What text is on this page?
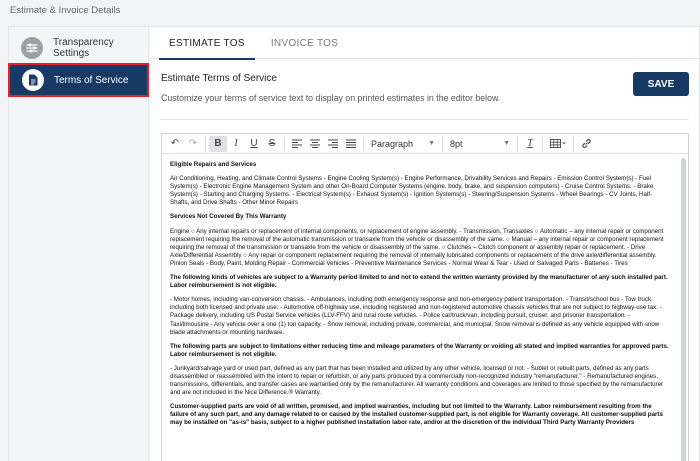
Estimate & Invoice Details
Transparency Settings
Terms of Service
ESTIMATE TOS	INVOICE TOS
Estimate Terms of Service
Customize your terms of service text to display on printed estimates in the editor below.
SAVE
↶ ↷	B	I	U	S	Paragraph ▼ 8pt	▼	T

Eligible Repairs and Services

Air Conditioning, Heating, and Climate Control Systems - Engine Cooling System(s) - Engine Performance, Drivability Services and Repairs - Emission Control System(s) - Fuel System(s) - Electronic Engine Management System and other On-Board Computer Systems (engine, body, brake, and suspension computers) - Cruise Control Systems. - Brake System(s) - Starting and Charging Systems. - Electrical System(s) - Exhaust System(s) - Ignition Systems(s) - Steering/Suspension Systems - Wheel Bearings - CV Joints, Half-Shafts, and Drive Shafts - Other Minor Repairs

Services Not Covered By This Warranty

Engine ○ Any internal repairs or replacement of internal components, or replacement of engine assembly. - Transmission, Transaxles ○ Automatic – any internal repair or component replacement requiring the removal of the automatic transmission or transaxle from the vehicle or disassembly of the same. ○ Manual – any internal repair or component replacement requiring the removal of the transmission or transaxle from the vehicle or disassembly of the same. ○ Clutches – Clutch component or assembly repair or replacement. - Drive Axle/Differential Assembly ○ Any repair or component replacement requiring the removal of internally lubricated components or replacement of the drive axle/differential assembly. Pinion Seals - Body, Paint, Molding Repair - Commercial Vehicles - Preventive Maintenance Services - Normal Wear & Tear - Used or Salvaged Parts - Batteries - Tires

The following kinds of vehicles are subject to a Warranty period limited to and not to extend the written warranty provided by the manufacturer of any such installed part. Labor reimbursement is not eligible.

- Motor homes, including van-conversion chassis. - Ambulances, including both emergency response and non-emergency patient transportation. - Transit/school bus - Tow truck, including both licensed and private use. - Automotive off-highway use, including registered and non-registered automotive chassis vehicles that are not subject to highway-use tax. - Package delivery, including US Postal Service vehicles (LLV-FFV) and rural route vehicles. - Police car/truck/van, including pursuit, cruiser, and prisoner transportation. - Taxi/limousine - Any vehicle over a one (1) ton capacity. - Snow removal, including private, commercial, and municipal. Snow removal is defined as any vehicle equipped with snow blade attachments or mounting hardware.

The following parts are subject to limitations either reducing time and mileage parameters of the Warranty or voiding all stated and implied warranties for approved parts. Labor reimbursement is not eligible.

- Junkyard/salvage yard or used part, defined as any part that has been installed and utilized by any other vehicle, licensed or not. - Sublet or rebuilt parts, defined as any parts disassembled or reassembled with the intent to repair or refurbish, or any parts produced by a commercially non-recognized industry "remanufacturer." - Remanufactured engines, transmissions, differentials, and transfer cases are warrantied only by the remanufacturer. All warranty conditions and coverages are limited to those specified by the remanufacturer and are not included in the Nice Difference.® Warranty.

Customer-supplied parts are void of all written, promised, and implied warranties, including but not limited to the Warranty. Labor reimbursement resulting from the failure of any such part, and any damage related to or caused by the installed customer-supplied part, is not eligible for Warranty coverage. All customer-supplied parts may be installed on "as-is" basis, subject to a higher published installation labor rate, and/or at the discretion of the individual Third Party Warranty Providers
